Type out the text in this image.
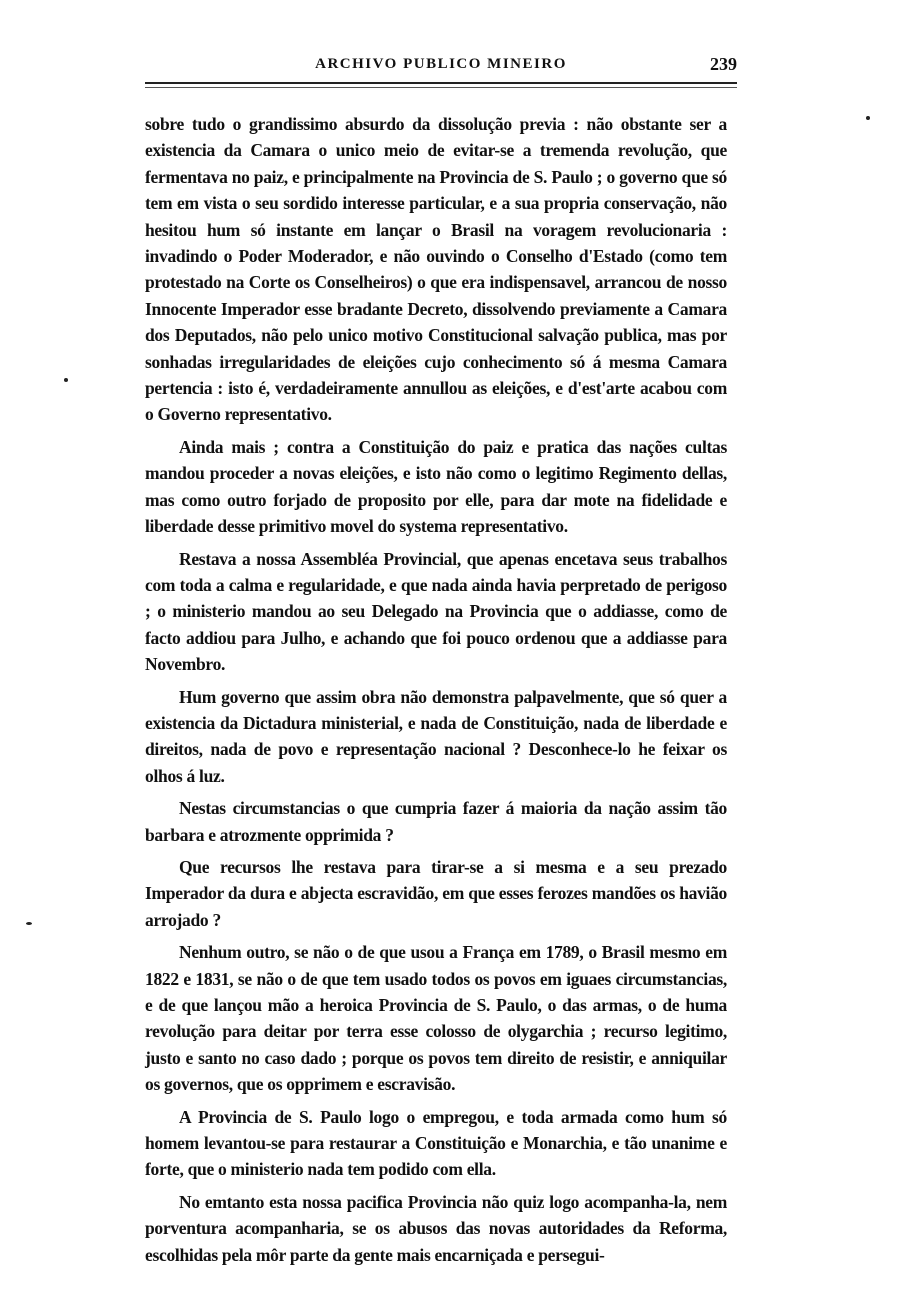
ARCHIVO PUBLICO MINEIRO	239

sobre tudo o grandissimo absurdo da dissolução previa : não obstante ser a existencia da Camara o unico meio de evitar-se a tremenda revolução, que fermentava no paiz, e principalmente na Provincia de S. Paulo ; o governo que só tem em vista o seu sordido interesse particular, e a sua propria conservação, não hesitou hum só instante em lançar o Brasil na voragem revolucionaria : invadindo o Poder Moderador, e não ouvindo o Conselho d'Estado (como tem protestado na Corte os Conselheiros) o que era indispensavel, arrancou de nosso Innocente Imperador esse bradante Decreto, dissolvendo previamente a Camara dos Deputados, não pelo unico motivo Constitucional salvação publica, mas por sonhadas irregularidades de eleições cujo conhecimento só á mesma Camara pertencia : isto é, verdadeiramente annullou as eleições, e d'est'arte acabou com o Governo representativo.

Ainda mais ; contra a Constituição do paiz e pratica das nações cultas mandou proceder a novas eleições, e isto não como o legitimo Regimento dellas, mas como outro forjado de proposito por elle, para dar mote na fidelidade e liberdade desse primitivo movel do systema representativo.

Restava a nossa Assembléa Provincial, que apenas encetava seus trabalhos com toda a calma e regularidade, e que nada ainda havia perpretado de perigoso ; o ministerio mandou ao seu Delegado na Provincia que o addiasse, como de facto addiou para Julho, e achando que foi pouco ordenou que a addiasse para Novembro.

Hum governo que assim obra não demonstra palpavelmente, que só quer a existencia da Dictadura ministerial, e nada de Constituição, nada de liberdade e direitos, nada de povo e representação nacional ? Desconhece-lo he feixar os olhos á luz.

Nestas circumstancias o que cumpria fazer á maioria da nação assim tão barbara e atrozmente opprimida ?

Que recursos lhe restava para tirar-se a si mesma e a seu prezado Imperador da dura e abjecta escravidão, em que esses ferozes mandões os havião arrojado ?

Nenhum outro, se não o de que usou a França em 1789, o Brasil mesmo em 1822 e 1831, se não o de que tem usado todos os povos em iguaes circumstancias, e de que lançou mão a heroica Provincia de S. Paulo, o das armas, o de huma revolução para deitar por terra esse colosso de olygarchia ; recurso legitimo, justo e santo no caso dado ; porque os povos tem direito de resistir, e anniquilar os governos, que os opprimem e escravisão.

A Provincia de S. Paulo logo o empregou, e toda armada como hum só homem levantou-se para restaurar a Constituição e Monarchia, e tão unanime e forte, que o ministerio nada tem podido com ella.

No emtanto esta nossa pacifica Provincia não quiz logo acompanha-la, nem porventura acompanharia, se os abusos das novas autoridades da Reforma, escolhidas pela môr parte da gente mais encarniçada e persegui-
